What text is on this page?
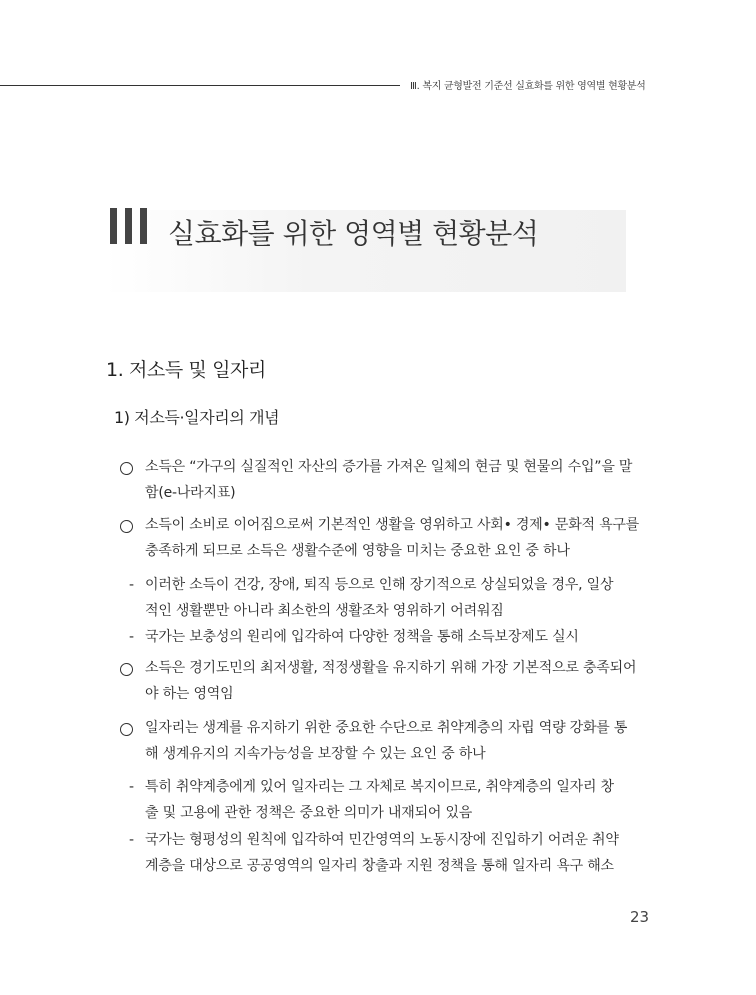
Ⅲ. 복지 균형발전 기준선 실효화를 위한 영역별 현황분석
실효화를 위한 영역별 현황분석
1. 저소득 및 일자리
1) 저소득·일자리의 개념
소득은 “가구의 실질적인 자산의 증가를 가져온 일체의 현금 및 현물의 수입”을 말
함(e-나라지표)
소득이 소비로 이어짐으로써 기본적인 생활을 영위하고 사회• 경제• 문화적 욕구를
충족하게 되므로 소득은 생활수준에 영향을 미치는 중요한 요인 중 하나
- 이러한 소득이 건강, 장애, 퇴직 등으로 인해 장기적으로 상실되었을 경우, 일상
적인 생활뿐만 아니라 최소한의 생활조차 영위하기 어려워짐
- 국가는 보충성의 원리에 입각하여 다양한 정책을 통해 소득보장제도 실시
소득은 경기도민의 최저생활, 적정생활을 유지하기 위해 가장 기본적으로 충족되어
야 하는 영역임
일자리는 생계를 유지하기 위한 중요한 수단으로 취약계층의 자립 역량 강화를 통
해 생계유지의 지속가능성을 보장할 수 있는 요인 중 하나
- 특히 취약계층에게 있어 일자리는 그 자체로 복지이므로, 취약계층의 일자리 창
출 및 고용에 관한 정책은 중요한 의미가 내재되어 있음
- 국가는 형평성의 원칙에 입각하여 민간영역의 노동시장에 진입하기 어려운 취약
계층을 대상으로 공공영역의 일자리 창출과 지원 정책을 통해 일자리 욕구 해소
23
